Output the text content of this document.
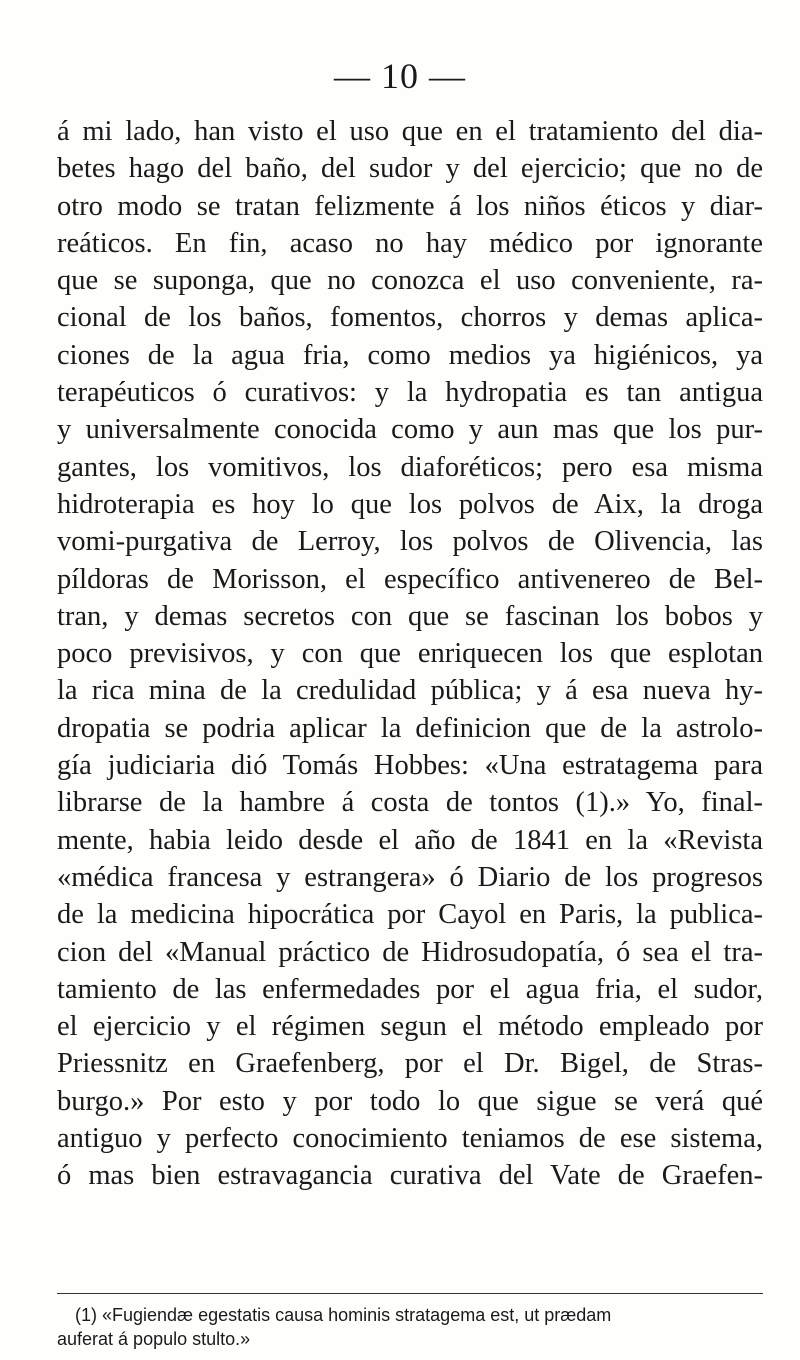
— 10 —
á mi lado, han visto el uso que en el tratamiento del dia-
betes hago del baño, del sudor y del ejercicio; que no de
otro modo se tratan felizmente á los niños éticos y diar-
reáticos. En fin, acaso no hay médico por ignorante
que se suponga, que no conozca el uso conveniente, ra-
cional de los baños, fomentos, chorros y demas aplica-
ciones de la agua fria, como medios ya higiénicos, ya
terapéuticos ó curativos: y la hydropatia es tan antigua
y universalmente conocida como y aun mas que los pur-
gantes, los vomitivos, los diaforéticos; pero esa misma
hidroterapia es hoy lo que los polvos de Aix, la droga
vomi-purgativa de Lerroy, los polvos de Olivencia, las
píldoras de Morisson, el específico antivenereo de Bel-
tran, y demas secretos con que se fascinan los bobos y
poco previsivos, y con que enriquecen los que esplotan
la rica mina de la credulidad pública; y á esa nueva hy-
dropatia se podria aplicar la definicion que de la astrolo-
gía judiciaria dió Tomás Hobbes: «Una estratagema para
librarse de la hambre á costa de tontos (1).» Yo, final-
mente, habia leido desde el año de 1841 en la «Revista
«médica francesa y estrangera» ó Diario de los progresos
de la medicina hipocrática por Cayol en Paris, la publica-
cion del «Manual práctico de Hidrosudopatía, ó sea el tra-
tamiento de las enfermedades por el agua fria, el sudor,
el ejercicio y el régimen segun el método empleado por
Priessnitz en Graefenberg, por el Dr. Bigel, de Stras-
burgo.» Por esto y por todo lo que sigue se verá qué
antiguo y perfecto conocimiento teniamos de ese sistema,
ó mas bien estravagancia curativa del Vate de Graefen-
(1) «Fugiendæ egestatis causa hominis stratagema est, ut prædam
auferat á populo stulto.»
